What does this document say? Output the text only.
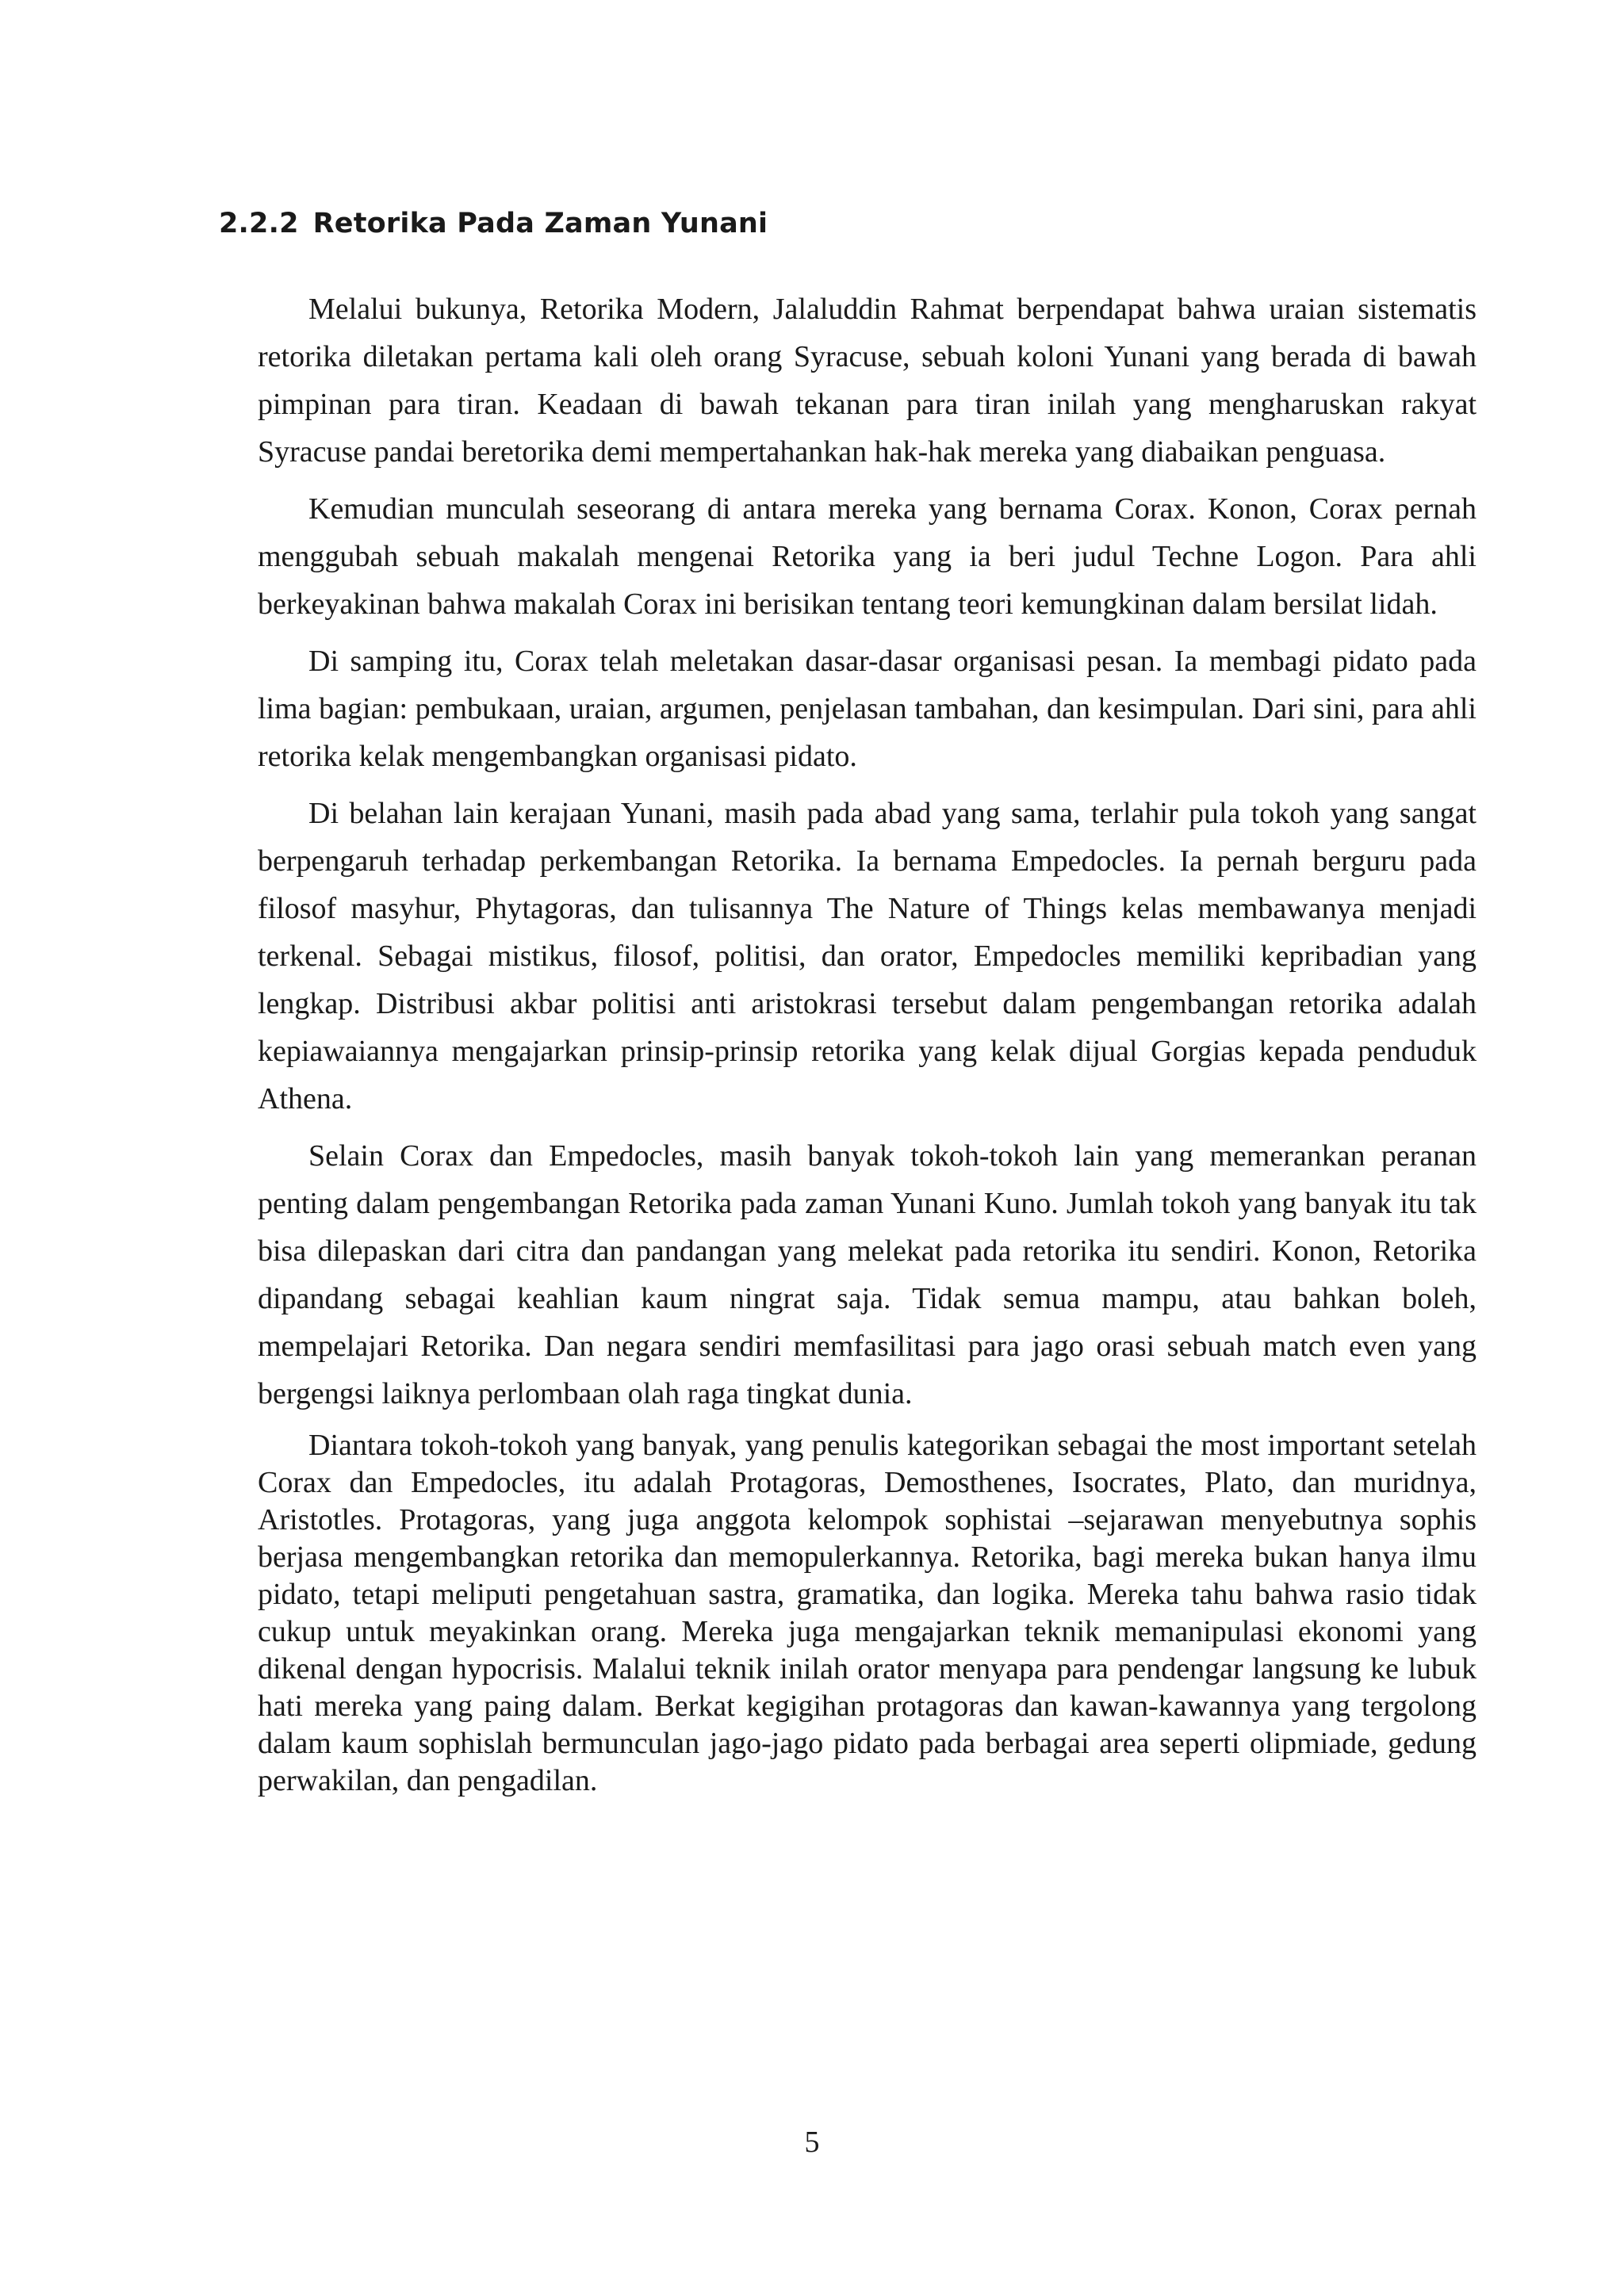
2.2.2 Retorika Pada Zaman Yunani

Melalui bukunya, Retorika Modern, Jalaluddin Rahmat berpendapat bahwa uraian sistematis retorika diletakan pertama kali oleh orang Syracuse, sebuah koloni Yunani yang berada di bawah pimpinan para tiran. Keadaan di bawah tekanan para tiran inilah yang mengharuskan rakyat Syracuse pandai beretorika demi mempertahankan hak-hak mereka yang diabaikan penguasa.

Kemudian munculah seseorang di antara mereka yang bernama Corax. Konon, Corax pernah menggubah sebuah makalah mengenai Retorika yang ia beri judul Techne Logon. Para ahli berkeyakinan bahwa makalah Corax ini berisikan tentang teori kemungkinan dalam bersilat lidah.

Di samping itu, Corax telah meletakan dasar-dasar organisasi pesan. Ia membagi pidato pada lima bagian: pembukaan, uraian, argumen, penjelasan tambahan, dan kesimpulan. Dari sini, para ahli retorika kelak mengembangkan organisasi pidato.

Di belahan lain kerajaan Yunani, masih pada abad yang sama, terlahir pula tokoh yang sangat berpengaruh terhadap perkembangan Retorika. Ia bernama Empedocles. Ia pernah berguru pada filosof masyhur, Phytagoras, dan tulisannya The Nature of Things kelas membawanya menjadi terkenal. Sebagai mistikus, filosof, politisi, dan orator, Empedocles memiliki kepribadian yang lengkap. Distribusi akbar politisi anti aristokrasi tersebut dalam pengembangan retorika adalah kepiawaiannya mengajarkan prinsip-prinsip retorika yang kelak dijual Gorgias kepada penduduk Athena.

Selain Corax dan Empedocles, masih banyak tokoh-tokoh lain yang memerankan peranan penting dalam pengembangan Retorika pada zaman Yunani Kuno. Jumlah tokoh yang banyak itu tak bisa dilepaskan dari citra dan pandangan yang melekat pada retorika itu sendiri. Konon, Retorika dipandang sebagai keahlian kaum ningrat saja. Tidak semua mampu, atau bahkan boleh, mempelajari Retorika. Dan negara sendiri memfasilitasi para jago orasi sebuah match even yang bergengsi laiknya perlombaan olah raga tingkat dunia.

Diantara tokoh-tokoh yang banyak, yang penulis kategorikan sebagai the most important setelah Corax dan Empedocles, itu adalah Protagoras, Demosthenes, Isocrates, Plato, dan muridnya, Aristotles. Protagoras, yang juga anggota kelompok sophistai –sejarawan menyebutnya sophis berjasa mengembangkan retorika dan memopulerkannya. Retorika, bagi mereka bukan hanya ilmu pidato, tetapi meliputi pengetahuan sastra, gramatika, dan logika. Mereka tahu bahwa rasio tidak cukup untuk meyakinkan orang. Mereka juga mengajarkan teknik memanipulasi ekonomi yang dikenal dengan hypocrisis. Malalui teknik inilah orator menyapa para pendengar langsung ke lubuk hati mereka yang paing dalam. Berkat kegigihan protagoras dan kawan-kawannya yang tergolong dalam kaum sophislah bermunculan jago-jago pidato pada berbagai area seperti olipmiade, gedung perwakilan, dan pengadilan.

5
